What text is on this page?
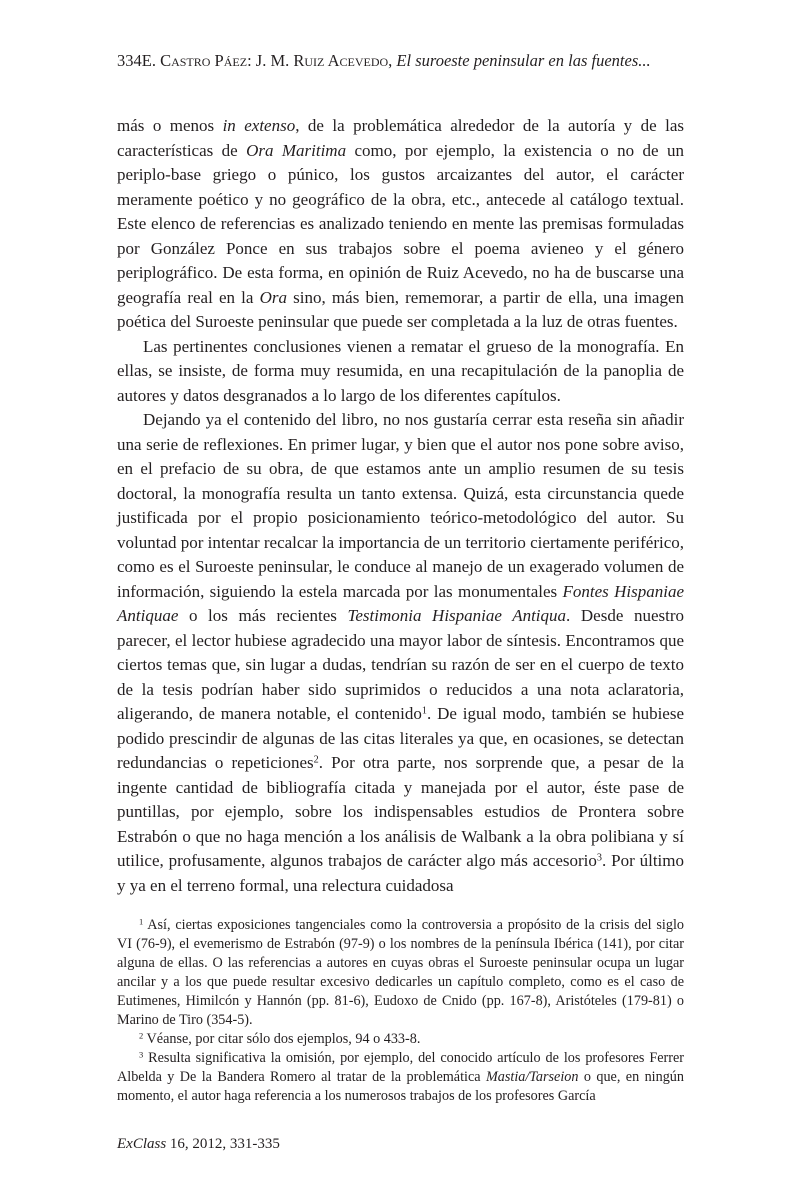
334E. Castro Páez: J. M. Ruiz Acevedo, El suroeste peninsular en las fuentes...

más o menos in extenso, de la problemática alrededor de la autoría y de las características de Ora Maritima como, por ejemplo, la existencia o no de un periplo-base griego o púnico, los gustos arcaizantes del autor, el carácter meramente poético y no geográfico de la obra, etc., antecede al catálogo textual. Este elenco de referencias es analizado teniendo en mente las premisas formuladas por González Ponce en sus trabajos sobre el poema avieneo y el género periplográfico. De esta forma, en opinión de Ruiz Acevedo, no ha de buscarse una geografía real en la Ora sino, más bien, rememorar, a partir de ella, una imagen poética del Suroeste peninsular que puede ser completada a la luz de otras fuentes.

Las pertinentes conclusiones vienen a rematar el grueso de la monografía. En ellas, se insiste, de forma muy resumida, en una recapitulación de la panoplia de autores y datos desgranados a lo largo de los diferentes capítulos.

Dejando ya el contenido del libro, no nos gustaría cerrar esta reseña sin añadir una serie de reflexiones. En primer lugar, y bien que el autor nos pone sobre aviso, en el prefacio de su obra, de que estamos ante un amplio resumen de su tesis doctoral, la monografía resulta un tanto extensa. Quizá, esta circunstancia quede justificada por el propio posicionamiento teórico-metodológico del autor. Su voluntad por intentar recalcar la importancia de un territorio ciertamente periférico, como es el Suroeste peninsular, le conduce al manejo de un exagerado volumen de información, siguiendo la estela marcada por las monumentales Fontes Hispaniae Antiquae o los más recientes Testimonia Hispaniae Antiqua. Desde nuestro parecer, el lector hubiese agradecido una mayor labor de síntesis. Encontramos que ciertos temas que, sin lugar a dudas, tendrían su razón de ser en el cuerpo de texto de la tesis podrían haber sido suprimidos o reducidos a una nota aclaratoria, aligerando, de manera notable, el contenido$^1$. De igual modo, también se hubiese podido prescindir de algunas de las citas literales ya que, en ocasiones, se detectan redundancias o repeticiones$^2$. Por otra parte, nos sorprende que, a pesar de la ingente cantidad de bibliografía citada y manejada por el autor, éste pase de puntillas, por ejemplo, sobre los indispensables estudios de Prontera sobre Estrabón o que no haga mención a los análisis de Walbank a la obra polibiana y sí utilice, profusamente, algunos trabajos de carácter algo más accesorio$^3$. Por último y ya en el terreno formal, una relectura cuidadosa

$^1$ Así, ciertas exposiciones tangenciales como la controversia a propósito de la crisis del siglo VI (76-9), el evemerismo de Estrabón (97-9) o los nombres de la península Ibérica (141), por citar alguna de ellas. O las referencias a autores en cuyas obras el Suroeste peninsular ocupa un lugar ancilar y a los que puede resultar excesivo dedicarles un capítulo completo, como es el caso de Eutimenes, Himilcón y Hannón (pp. 81-6), Eudoxo de Cnido (pp. 167-8), Aristóteles (179-81) o Marino de Tiro (354-5).

$^2$ Véanse, por citar sólo dos ejemplos, 94 o 433-8.

$^3$ Resulta significativa la omisión, por ejemplo, del conocido artículo de los profesores Ferrer Albelda y De la Bandera Romero al tratar de la problemática Mastia/Tarseion o que, en ningún momento, el autor haga referencia a los numerosos trabajos de los profesores García

ExClass 16, 2012, 331-335
